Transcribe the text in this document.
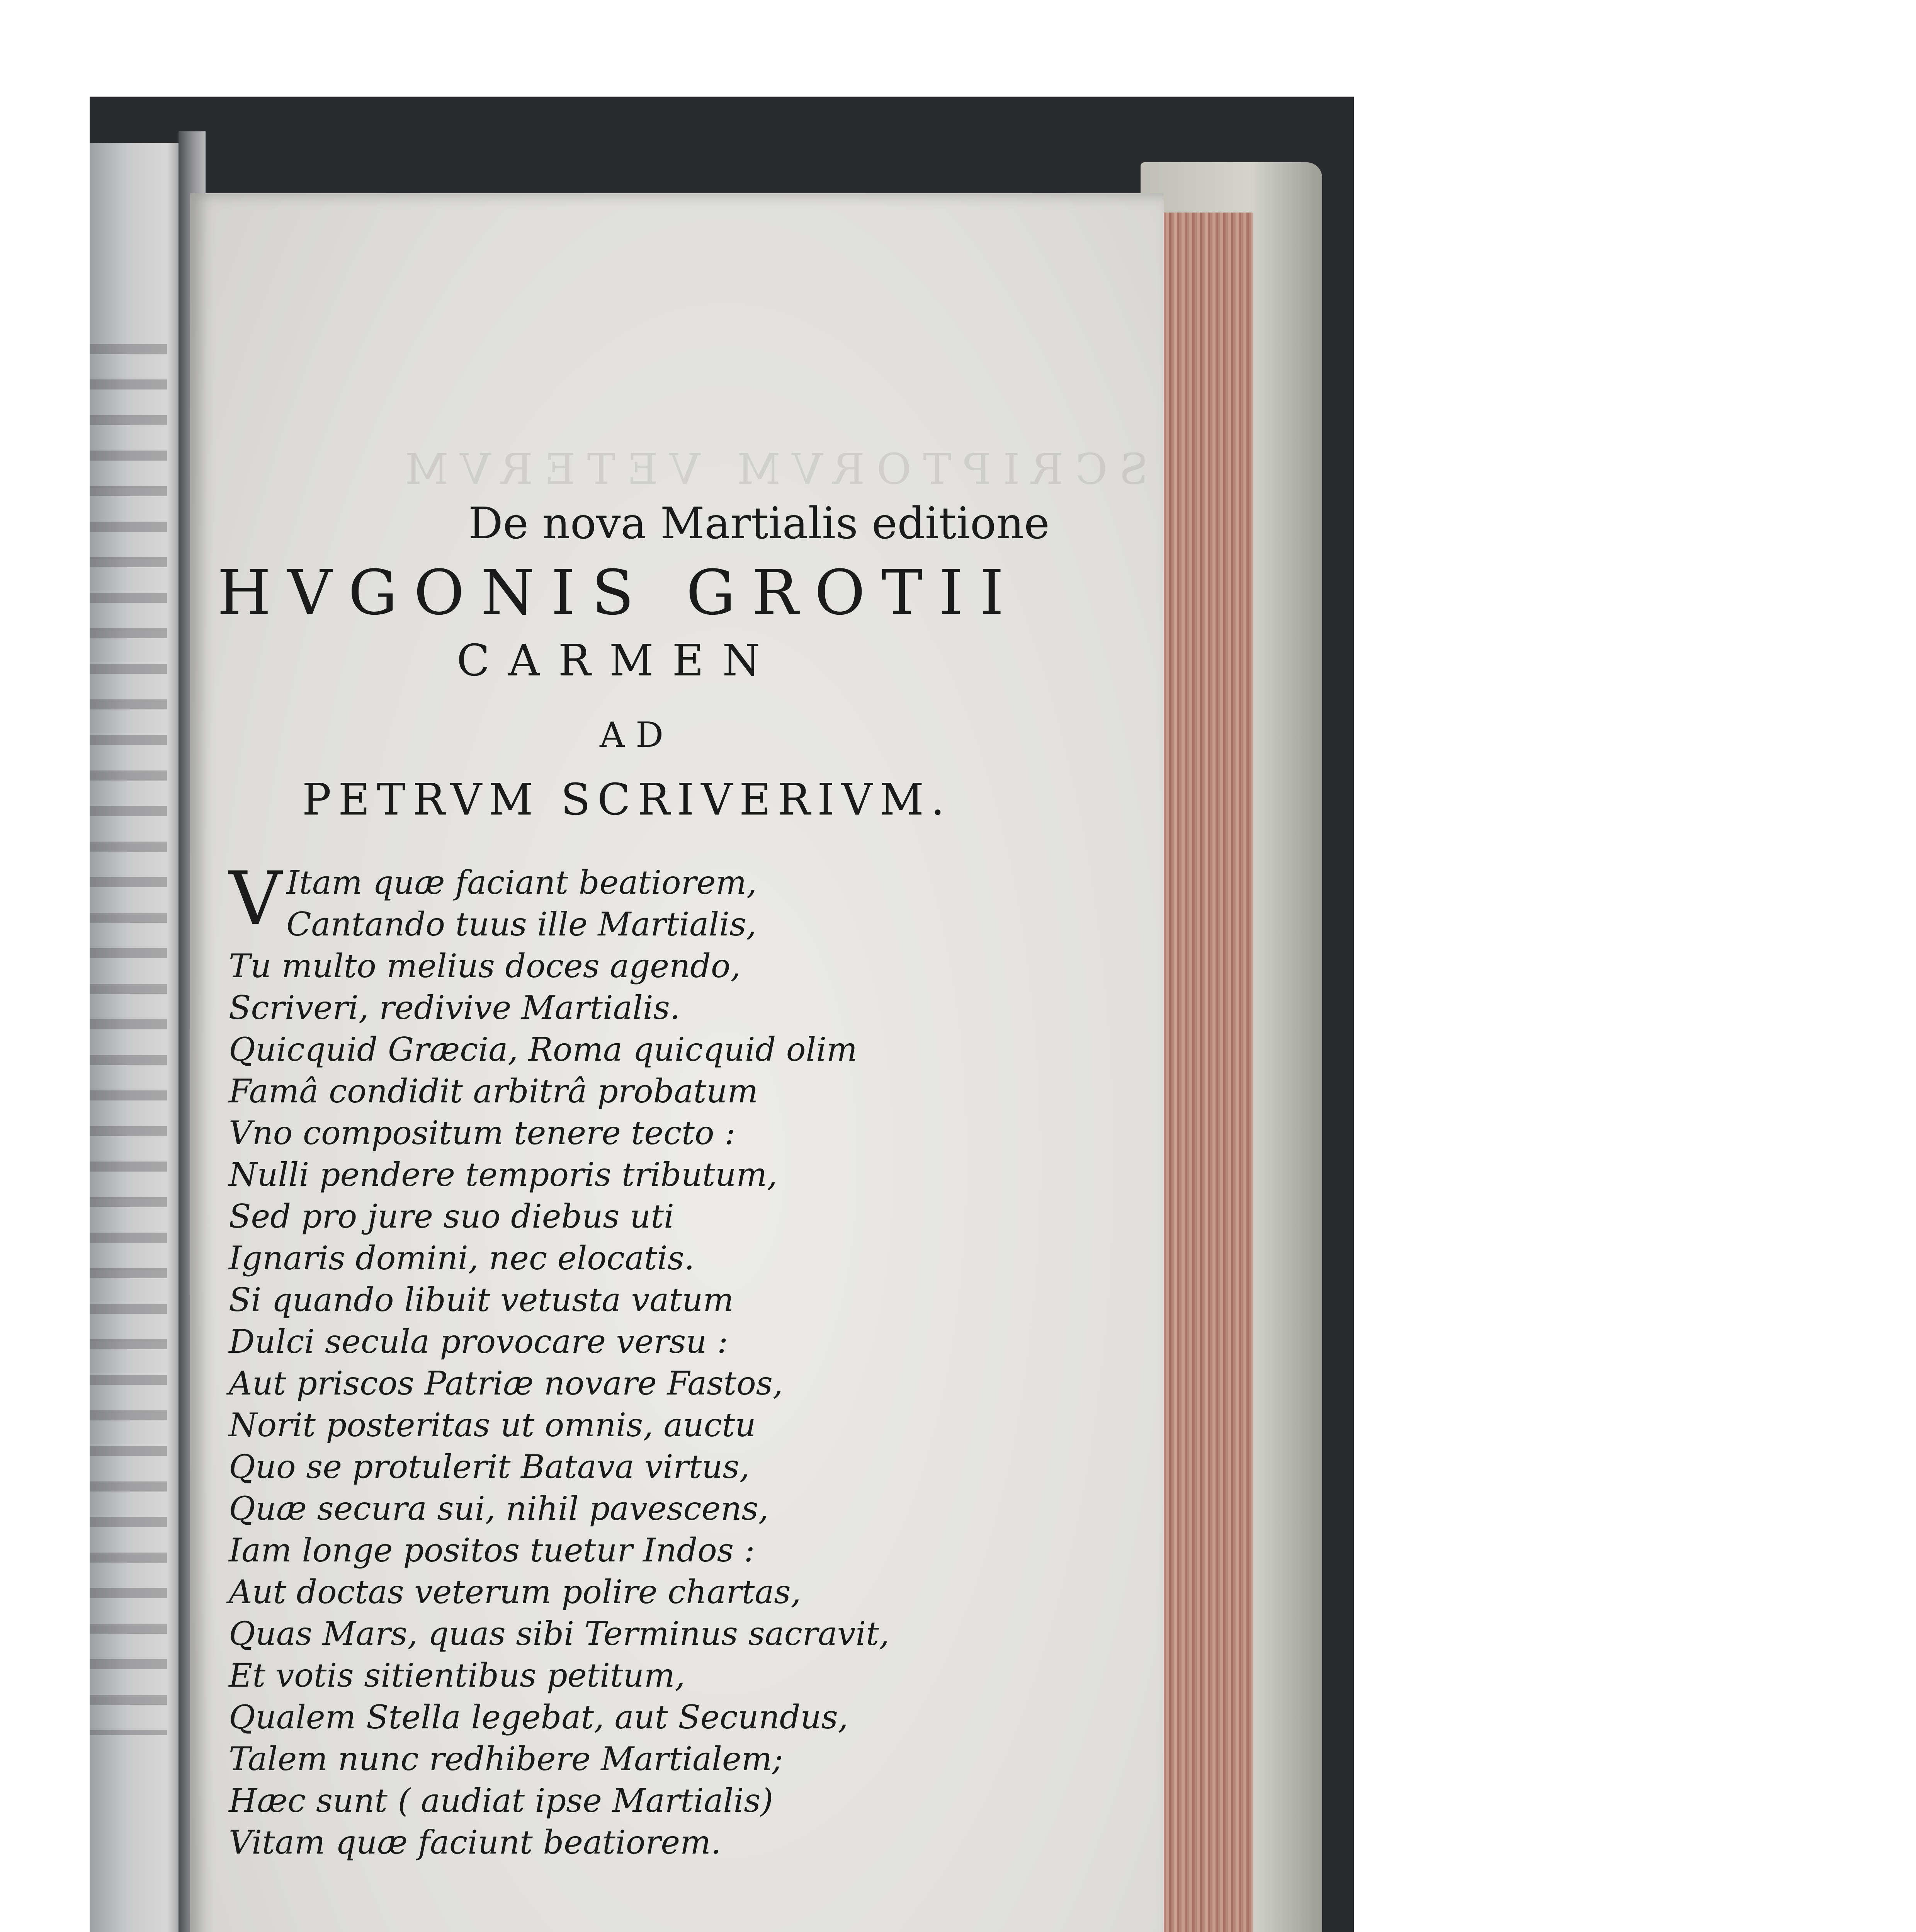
SCRIPTORVM VETERVM
De nova Martialis editione
HVGONIS GROTII
CARMEN
AD
PETRVM SCRIVERIVM.
V Itam quæ faciant beatiorem,
Cantando tuus ille Martialis,
Tu multo melius doces agendo,
Scriveri, redivive Martialis.
Quicquid Græcia, Roma quicquid olim
Famâ condidit arbitrâ probatum
Vno compositum tenere tecto :
Nulli pendere temporis tributum,
Sed pro jure suo diebus uti
Ignaris domini, nec elocatis.
Si quando libuit vetusta vatum
Dulci secula provocare versu :
Aut priscos Patriæ novare Fastos,
Norit posteritas ut omnis, auctu
Quo se protulerit Batava virtus,
Quæ secura sui, nihil pavescens,
Iam longe positos tuetur Indos :
Aut doctas veterum polire chartas,
Quas Mars, quas sibi Terminus sacravit,
Et votis sitientibus petitum,
Qualem Stella legebat, aut Secundus,
Talem nunc redhibere Martialem;
Hæc sunt ( audiat ipse Martialis)
Vitam quæ faciunt beatiorem.
